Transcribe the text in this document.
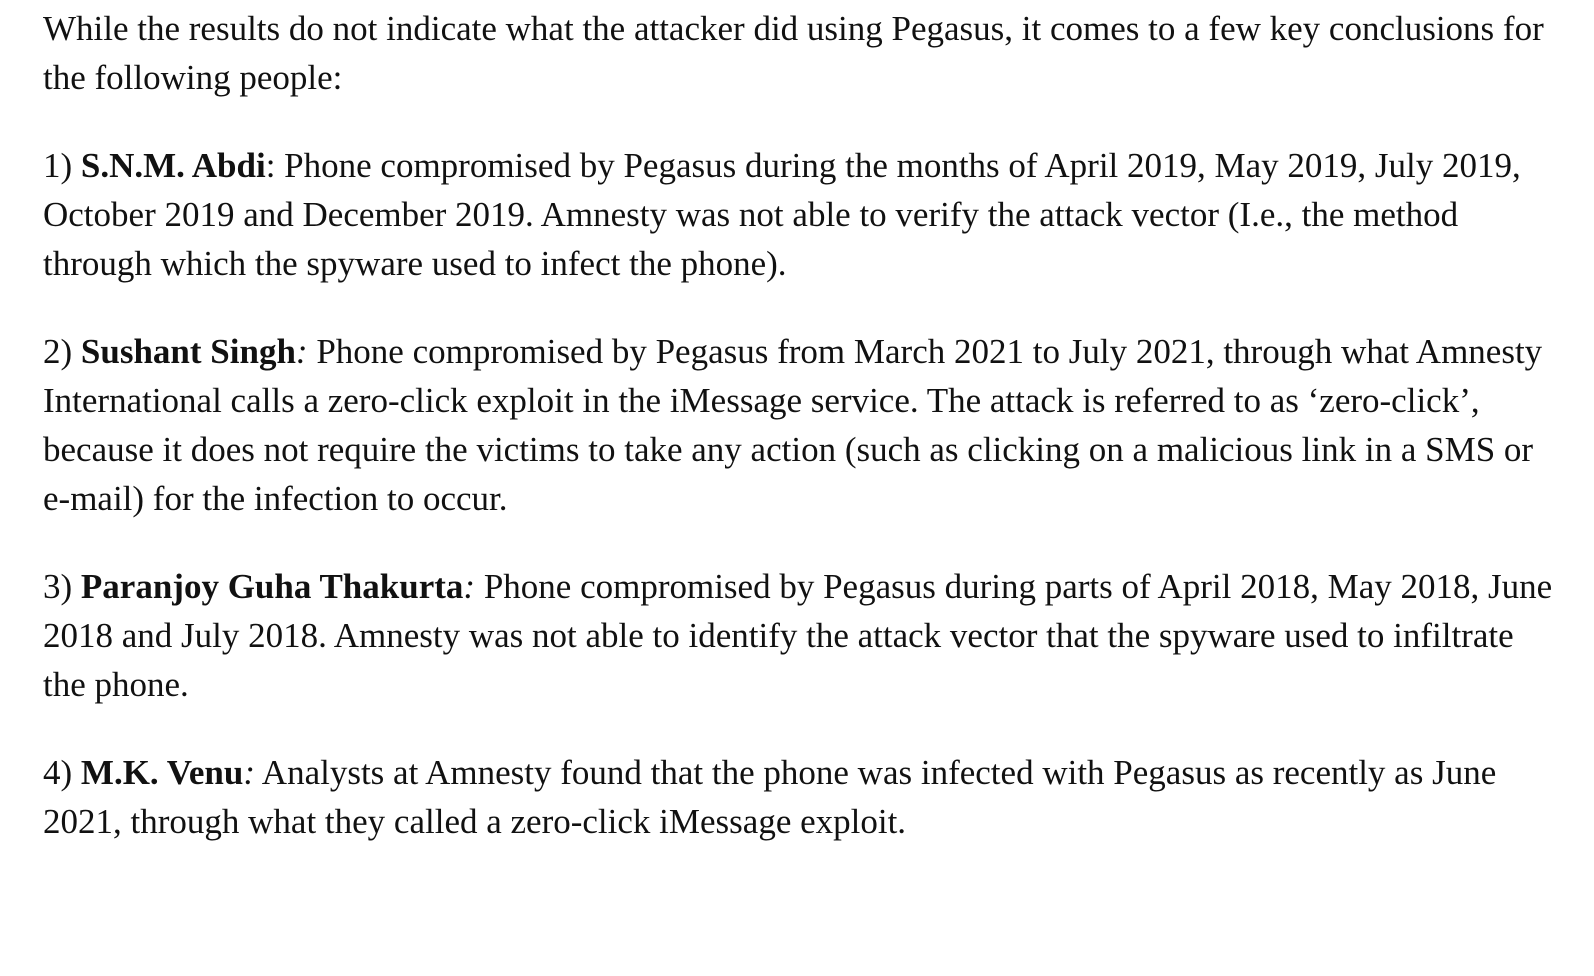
While the results do not indicate what the attacker did using Pegasus, it comes to a few key conclusions for the following people:

1) S.N.M. Abdi: Phone compromised by Pegasus during the months of April 2019, May 2019, July 2019, October 2019 and December 2019. Amnesty was not able to verify the attack vector (I.e., the method through which the spyware used to infect the phone).

2) Sushant Singh: Phone compromised by Pegasus from March 2021 to July 2021, through what Amnesty International calls a zero-click exploit in the iMessage service. The attack is referred to as ‘zero-click’, because it does not require the victims to take any action (such as clicking on a malicious link in a SMS or e-mail) for the infection to occur.

3) Paranjoy Guha Thakurta: Phone compromised by Pegasus during parts of April 2018, May 2018, June 2018 and July 2018. Amnesty was not able to identify the attack vector that the spyware used to infiltrate the phone.

4) M.K. Venu: Analysts at Amnesty found that the phone was infected with Pegasus as recently as June 2021, through what they called a zero-click iMessage exploit.
